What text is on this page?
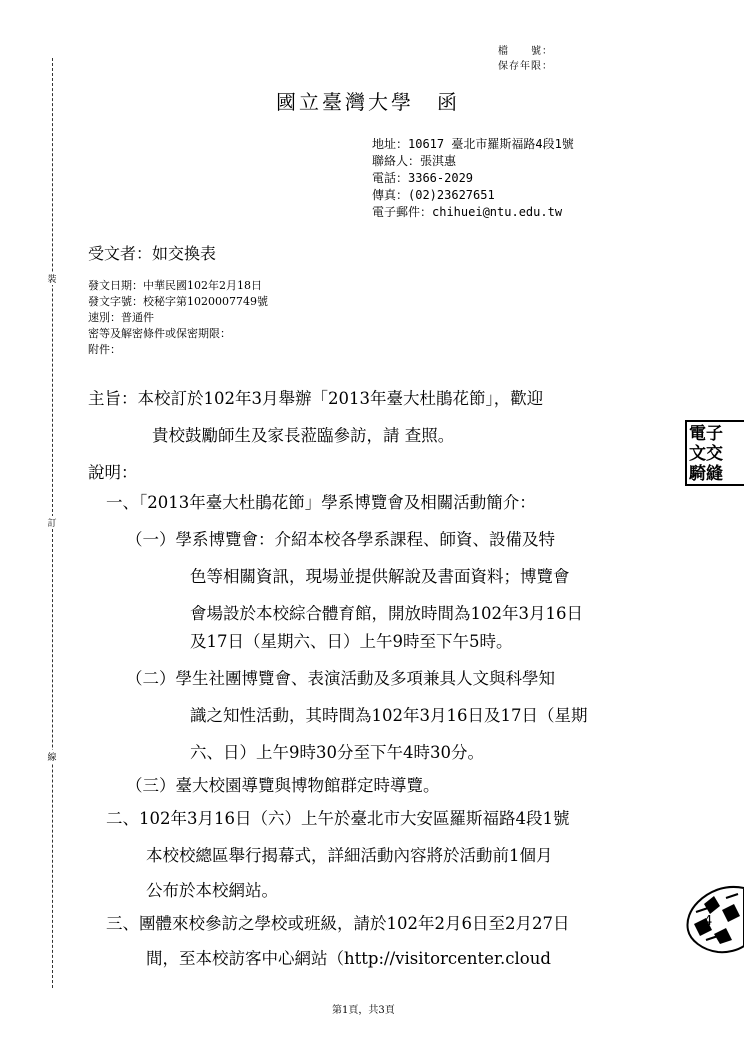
檔　　號：
保存年限：
國立臺灣大學　函
地址：10617 臺北市羅斯福路4段1號
聯絡人：張淇惠
電話：3366-2029
傳真：(02)23627651
電子郵件：chihuei@ntu.edu.tw
受文者：如交換表
發文日期：中華民國102年2月18日
發文字號：校秘字第1020007749號
速別：普通件
密等及解密條件或保密期限：
附件：
裝
訂
線
主旨：本校訂於102年3月舉辦「2013年臺大杜鵑花節」，歡迎
貴校鼓勵師生及家長蒞臨參訪，請 查照。
說明：
一、「2013年臺大杜鵑花節」學系博覽會及相關活動簡介：
（一）學系博覽會：介紹本校各學系課程、師資、設備及特
色等相關資訊，現場並提供解說及書面資料；博覽會
會場設於本校綜合體育館，開放時間為102年3月16日
及17日（星期六、日）上午9時至下午5時。
（二）學生社團博覽會、表演活動及多項兼具人文與科學知
識之知性活動，其時間為102年3月16日及17日（星期
六、日）上午9時30分至下午4時30分。
（三）臺大校園導覽與博物館群定時導覽。
二、102年3月16日（六）上午於臺北市大安區羅斯福路4段1號
本校校總區舉行揭幕式，詳細活動內容將於活動前1個月
公布於本校網站。
三、團體來校參訪之學校或班級，請於102年2月6日至2月27日
間，至本校訪客中心網站（http://visitorcenter.cloud
電子
文交
騎縫
4
第1頁，共3頁
